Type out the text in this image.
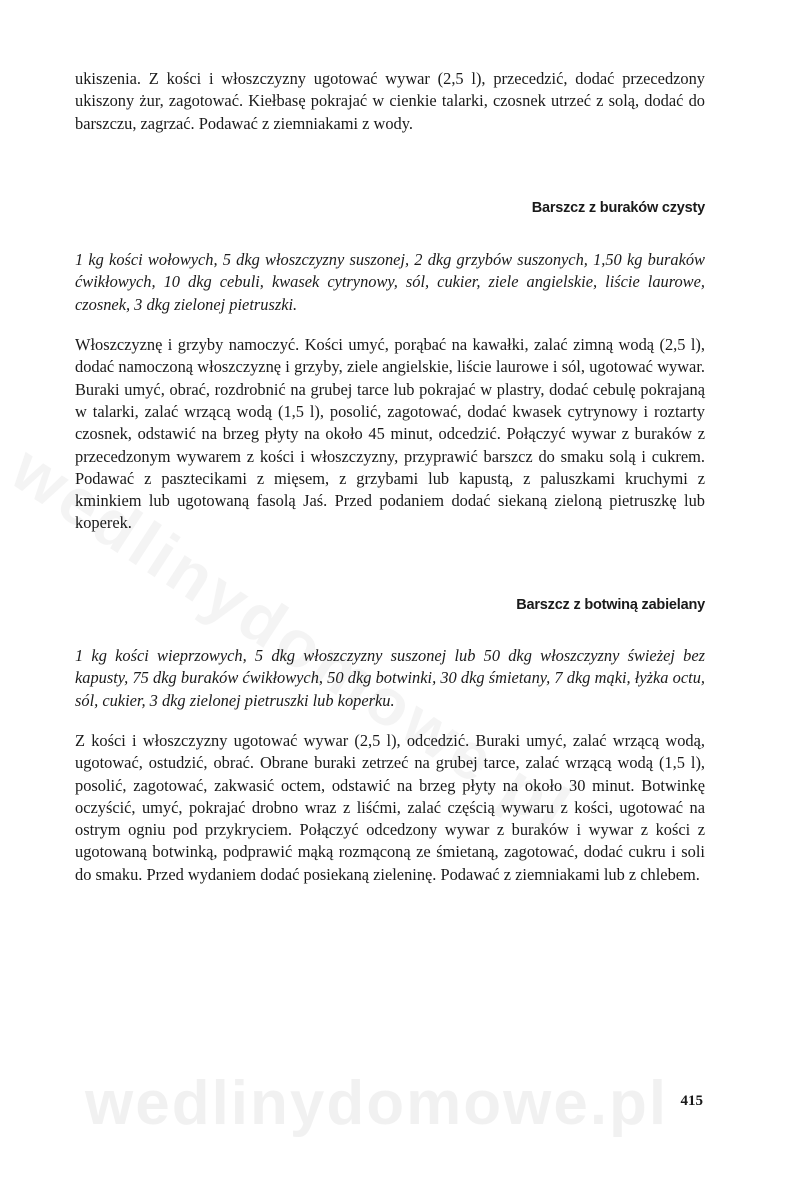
ukiszenia. Z kości i włoszczyzny ugotować wywar (2,5 l), przecedzić, dodać przecedzony ukiszony żur, zagotować. Kiełbasę pokrajać w cienkie talarki, czosnek utrzeć z solą, dodać do barszczu, zagrzać. Podawać z ziemniakami z wody.

Barszcz z buraków czysty

1 kg kości wołowych, 5 dkg włoszczyzny suszonej, 2 dkg grzybów suszonych, 1,50 kg buraków ćwikłowych, 10 dkg cebuli, kwasek cytrynowy, sól, cukier, ziele angielskie, liście laurowe, czosnek, 3 dkg zielonej pietruszki.

Włoszczyznę i grzyby namoczyć. Kości umyć, porąbać na kawałki, zalać zimną wodą (2,5 l), dodać namoczoną włoszczyznę i grzyby, ziele angielskie, liście laurowe i sól, ugotować wywar. Buraki umyć, obrać, rozdrobnić na grubej tarce lub pokrajać w plastry, dodać cebulę pokrajaną w talarki, zalać wrzącą wodą (1,5 l), posolić, zagotować, dodać kwasek cytrynowy i roztarty czosnek, odstawić na brzeg płyty na około 45 minut, odcedzić. Połączyć wywar z buraków z przecedzonym wywarem z kości i włoszczyzny, przyprawić barszcz do smaku solą i cukrem. Podawać z pasztecikami z mięsem, z grzybami lub kapustą, z paluszkami kruchymi z kminkiem lub ugotowaną fasolą Jaś. Przed podaniem dodać siekaną zieloną pietruszkę lub koperek.

Barszcz z botwiną zabielany

1 kg kości wieprzowych, 5 dkg włoszczyzny suszonej lub 50 dkg włoszczyzny świeżej bez kapusty, 75 dkg buraków ćwikłowych, 50 dkg botwinki, 30 dkg śmietany, 7 dkg mąki, łyżka octu, sól, cukier, 3 dkg zielonej pietruszki lub koperku.

Z kości i włoszczyzny ugotować wywar (2,5 l), odcedzić. Buraki umyć, zalać wrzącą wodą, ugotować, ostudzić, obrać. Obrane buraki zetrzeć na grubej tarce, zalać wrzącą wodą (1,5 l), posolić, zagotować, zakwasić octem, odstawić na brzeg płyty na około 30 minut. Botwinkę oczyścić, umyć, pokrajać drobno wraz z liśćmi, zalać częścią wywaru z kości, ugotować na ostrym ogniu pod przykryciem. Połączyć odcedzony wywar z buraków i wywar z kości z ugotowaną botwinką, podprawić mąką rozmąconą ze śmietaną, zagotować, dodać cukru i soli do smaku. Przed wydaniem dodać posiekaną zieleninę. Podawać z ziemniakami lub z chlebem.

wedlinydomowe.pl 415
